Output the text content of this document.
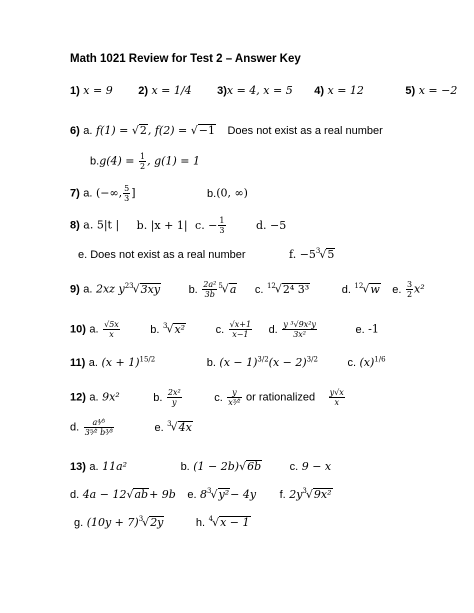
Math 1021 Review for Test 2 – Answer Key
1) x = 9 2) x = 1/4 3)x = 4, x = 5 4) x = 12	5) x = −2
6) a. f(1) = √2, f(2) = √−1 Does not exist as a real number
$b.g(4) = \frac{1}{2}$ , g(1) = 1
7) a. (−∞, $\frac{5}{3}$ ]	b.(0, ∞)
8) a. 5|t | b. |x + 1| c. − $\frac{1}{3}$	d. −5
e. Does not exist as a real number	f. $-5^3√5$
9) a. 2xz $y^{23}√3xy$	b. $\frac{\text{2a²}}{3b} ^5√a$ c. $^{12}$√2⁴ 3³	d. $^{12}$√w e. $\frac{3}{2} x^2$
10) a. $\frac{√5x}{x}$	b. $^3$√x²	c. $\frac{√x+1}{x-1} d$. $\frac{\text{y ³√9x²y}}{\text{3x²}}$	e. -1
11) a. $(x + 1)^{15/2}$	b. $(x - 1)^{3/2}(x - 2)^{3/2}$	c. $(x)^{1/6}$
12) a. 9x²	b. $\frac{\text{2x²}}{y}$	c. $\frac{y}{\text{x³⁄²}}$ or rationalized $\frac{y√x}{x}$
d. $\frac{\text{a⁴⁄⁵}}{\text{3⁵⁄² b³⁄³}}$	e. $^3$√4x
13) a. 11a²	b. (1 − 2b)√6b	c. 9 − x
d. 4a − 12√ab+ 9b e. $8^3√y^2- 4y$ f. $2y^3√9x^2$
g. $(10y + 7)^3√2y$	h. $^4$√x − 1
